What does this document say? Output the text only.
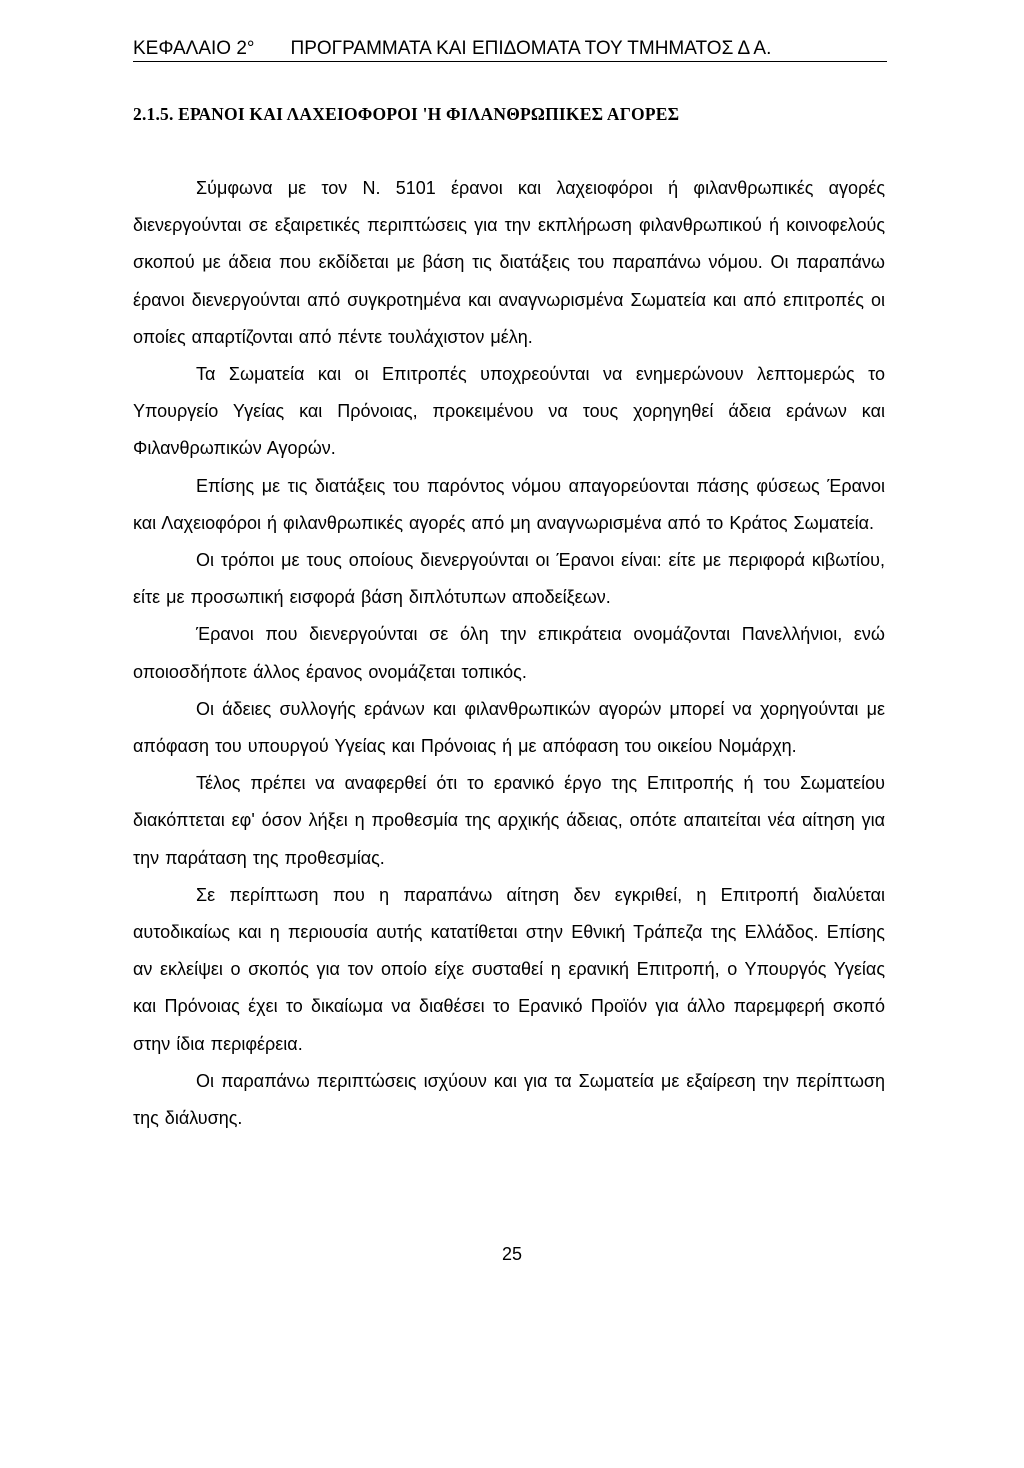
ΚΕΦΑΛΑΙΟ 2° ΠΡΟΓΡΑΜΜΑΤΑ ΚΑΙ ΕΠΙΔΟΜΑΤΑ ΤΟΥ ΤΜΗΜΑΤΟΣ Δ Α.
2.1.5. ΕΡΑΝΟΙ ΚΑΙ ΛΑΧΕΙΟΦΟΡΟΙ 'Η ΦΙΛΑΝΘΡΩΠΙΚΕΣ ΑΓΟΡΕΣ

Σύμφωνα με τον Ν. 5101 έρανοι και λαχειοφόροι ή φιλανθρωπικές αγορές διενεργούνται σε εξαιρετικές περιπτώσεις για την εκπλήρωση φιλανθρωπικού ή κοινοφελούς σκοπού με άδεια που εκδίδεται με βάση τις διατάξεις του παραπάνω νόμου. Οι παραπάνω έρανοι διενεργούνται από συγκροτημένα και αναγνωρισμένα Σωματεία και από επιτροπές οι οποίες απαρτίζονται από πέντε τουλάχιστον μέλη.

Τα Σωματεία και οι Επιτροπές υποχρεούνται να ενημερώνουν λεπτομερώς το Υπουργείο Υγείας και Πρόνοιας, προκειμένου να τους χορηγηθεί άδεια εράνων και Φιλανθρωπικών Αγορών.

Επίσης με τις διατάξεις του παρόντος νόμου απαγορεύονται πάσης φύσεως Έρανοι και Λαχειοφόροι ή φιλανθρωπικές αγορές από μη αναγνωρισμένα από το Κράτος Σωματεία.

Οι τρόποι με τους οποίους διενεργούνται οι Έρανοι είναι: είτε με περιφορά κιβωτίου, είτε με προσωπική εισφορά βάση διπλότυπων αποδείξεων.

Έρανοι που διενεργούνται σε όλη την επικράτεια ονομάζονται Πανελλήνιοι, ενώ οποιοσδήποτε άλλος έρανος ονομάζεται τοπικός.

Οι άδειες συλλογής εράνων και φιλανθρωπικών αγορών μπορεί να χορηγούνται με απόφαση του υπουργού Υγείας και Πρόνοιας ή με απόφαση του οικείου Νομάρχη.

Τέλος πρέπει να αναφερθεί ότι το ερανικό έργο της Επιτροπής ή του Σωματείου διακόπτεται εφ' όσον λήξει η προθεσμία της αρχικής άδειας, οπότε απαιτείται νέα αίτηση για την παράταση της προθεσμίας.

Σε περίπτωση που η παραπάνω αίτηση δεν εγκριθεί, η Επιτροπή διαλύεται αυτοδικαίως και η περιουσία αυτής κατατίθεται στην Εθνική Τράπεζα της Ελλάδος. Επίσης αν εκλείψει ο σκοπός για τον οποίο είχε συσταθεί η ερανική Επιτροπή, ο Υπουργός Υγείας και Πρόνοιας έχει το δικαίωμα να διαθέσει το Ερανικό Προϊόν για άλλο παρεμφερή σκοπό στην ίδια περιφέρεια.

Οι παραπάνω περιπτώσεις ισχύουν και για τα Σωματεία με εξαίρεση την περίπτωση της διάλυσης.

25
